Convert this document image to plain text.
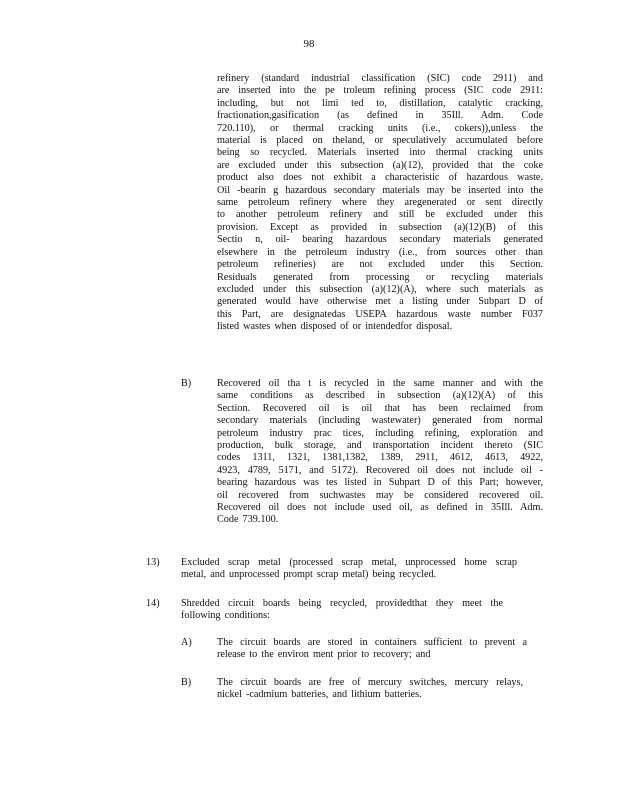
98
refinery (standard industrial classification (SIC) code 2911) and
are inserted into the pe troleum refining process (SIC code 2911:
including, but not limi ted to, distillation, catalytic cracking,
fractionation,gasification (as defined in 35Ill. Adm. Code
720.110), or thermal cracking units (i.e., cokers)),unless the
material is placed on theland, or speculatively accumulated before
being so recycled. Materials inserted into thermal cracking units
are excluded under this subsection (a)(12), provided that the coke
product also does not exhibit a characteristic of hazardous waste.
Oil -bearin g hazardous secondary materials may be inserted into the
same petroleum refinery where they aregenerated or sent directly
to another petroleum refinery and still be excluded under this
provision. Except as provided in subsection (a)(12)(B) of this
Sectio n, oil- bearing hazardous secondary materials generated
elsewhere in the petroleum industry (i.e., from sources other than
petroleum refineries) are not excluded under this Section.
Residuals generated from processing or recycling materials
excluded under this subsection (a)(12)(A), where such materials as
generated would have otherwise met a listing under Subpart D of
this Part, are designatedas USEPA hazardous waste number F037
listed wastes when disposed of or intendedfor disposal.
B)	Recovered oil tha t is recycled in the same manner and with the
same conditions as described in subsection (a)(12)(A) of this
Section. Recovered oil is oil that has been reclaimed from
secondary materials (including wastewater) generated from normal
petroleum industry prac tices, including refining, exploration and
production, bulk storage, and transportation incident thereto (SIC
codes 1311, 1321, 1381,1382, 1389, 2911, 4612, 4613, 4922,
4923, 4789, 5171, and 5172). Recovered oil does not include oil -
bearing hazardous was tes listed in Subpart D of this Part; however,
oil recovered from suchwastes may be considered recovered oil.
Recovered oil does not include used oil, as defined in 35Ill. Adm.
Code 739.100.
13) Excluded scrap metal (processed scrap metal, unprocessed home scrap
metal, and unprocessed prompt scrap metal) being recycled.
14) Shredded circuit boards being recycled, providedthat they meet the
following conditions:
A) The circuit boards are stored in containers sufficient to prevent a
release to the environ ment prior to recovery; and
B)	The circuit boards are free of mercury switches, mercury relays,
nickel -cadmium batteries, and lithium batteries.
